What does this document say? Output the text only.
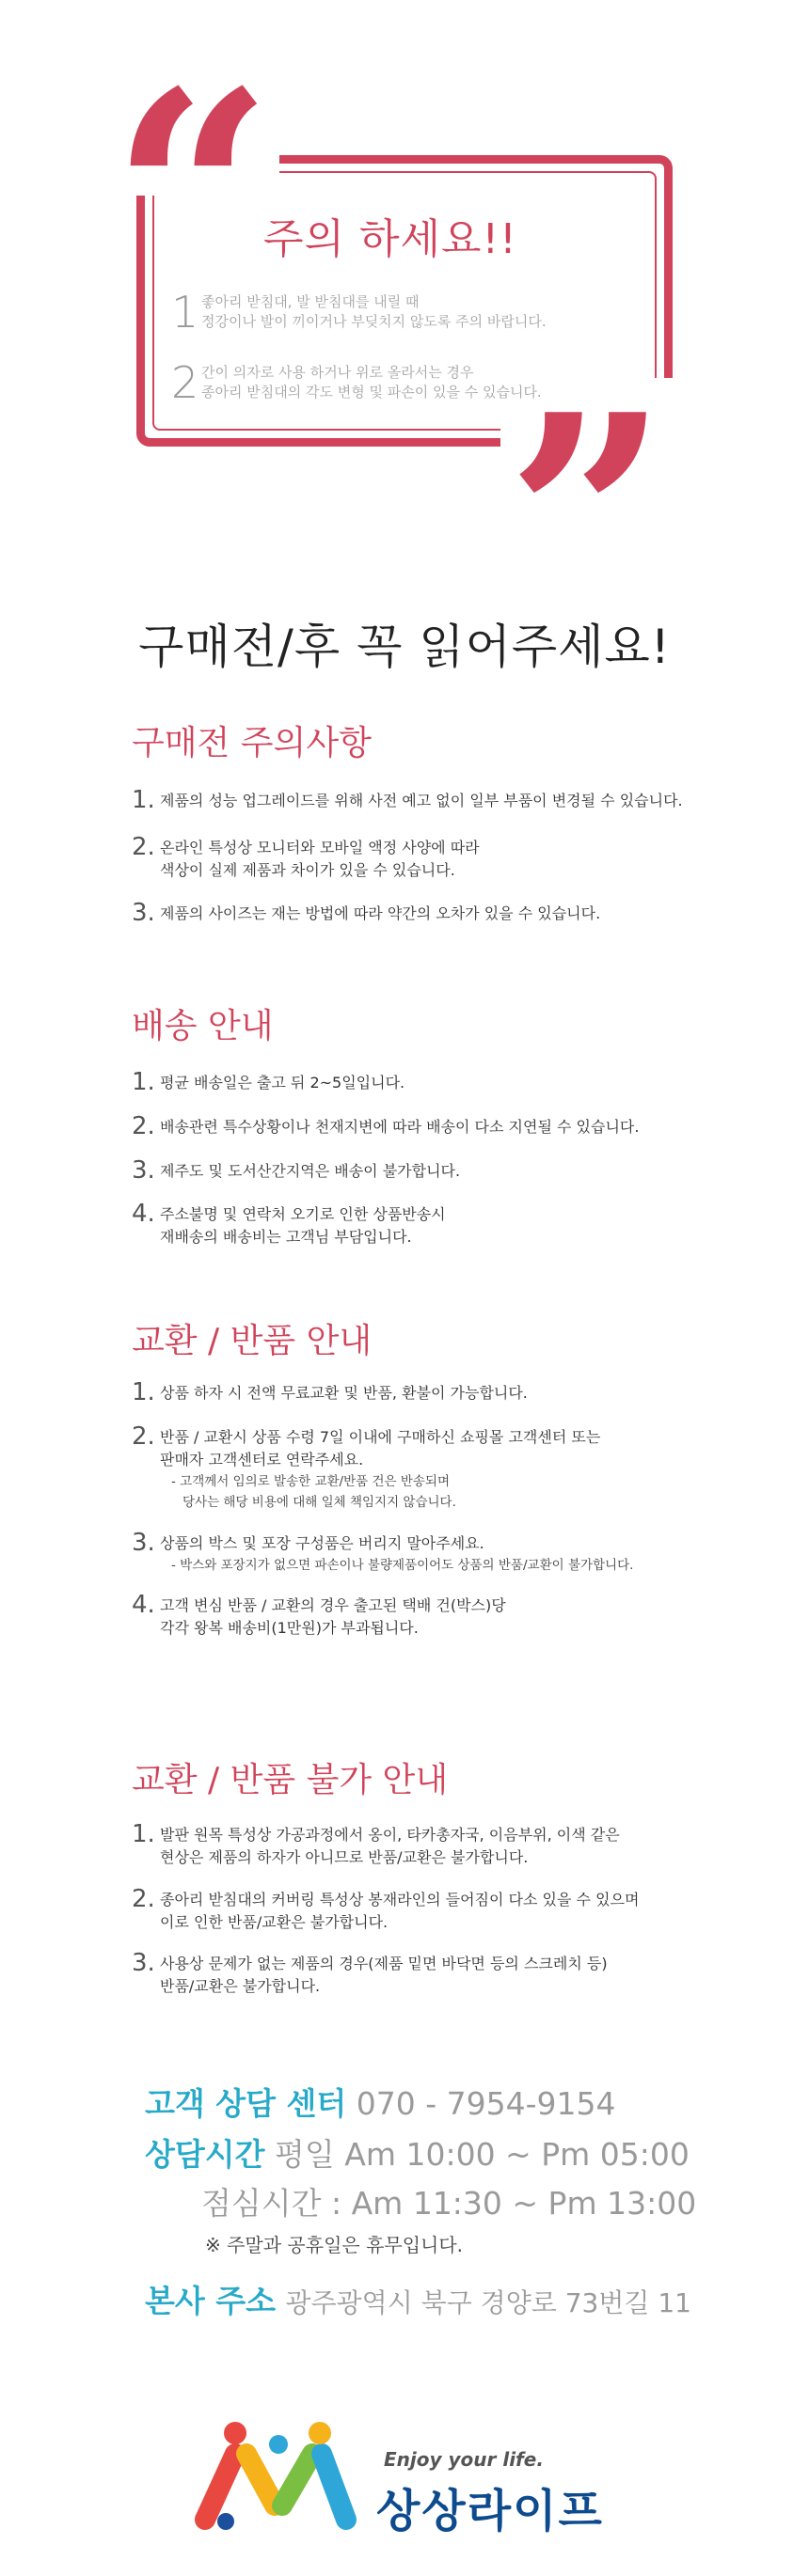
주의 하세요!!
1 좋아리 받침대, 발 받침대를 내릴 때
정강이나 발이 끼이거나 부딪치지 않도록 주의 바랍니다.
2 간이 의자로 사용 하거나 위로 올라서는 경우
종아리 받침대의 각도 변형 및 파손이 있을 수 있습니다.
구매전/후 꼭 읽어주세요!
구매전 주의사항
1. 제품의 성능 업그레이드를 위해 사전 예고 없이 일부 부품이 변경될 수 있습니다.
2. 온라인 특성상 모니터와 모바일 액정 사양에 따라
색상이 실제 제품과 차이가 있을 수 있습니다.
3. 제품의 사이즈는 재는 방법에 따라 약간의 오차가 있을 수 있습니다.
배송 안내
1. 평균 배송일은 출고 뒤 2~5일입니다.
2. 배송관련 특수상황이나 천재지변에 따라 배송이 다소 지연될 수 있습니다.
3. 제주도 및 도서산간지역은 배송이 불가합니다.
4. 주소불명 및 연락처 오기로 인한 상품반송시
재배송의 배송비는 고객님 부담입니다.
교환 / 반품 안내
1. 상품 하자 시 전액 무료교환 및 반품, 환불이 가능합니다.
2. 반품 / 교환시 상품 수령 7일 이내에 구매하신 쇼핑몰 고객센터 또는
판매자 고객센터로 연락주세요.
- 고객께서 임의로 발송한 교환/반품 건은 반송되며
당사는 해당 비용에 대해 일체 책임지지 않습니다.
3. 상품의 박스 및 포장 구성품은 버리지 말아주세요.
- 박스와 포장지가 없으면 파손이나 불량제품이어도 상품의 반품/교환이 불가합니다.
4. 고객 변심 반품 / 교환의 경우 출고된 택배 건(박스)당
각각 왕복 배송비(1만원)가 부과됩니다.
교환 / 반품 불가 안내
1. 발판 원목 특성상 가공과정에서 옹이, 타카총자국, 이음부위, 이색 같은
현상은 제품의 하자가 아니므로 반품/교환은 불가합니다.
2. 종아리 받침대의 커버링 특성상 봉재라인의 들어짐이 다소 있을 수 있으며
이로 인한 반품/교환은 불가합니다.
3. 사용상 문제가 없는 제품의 경우(제품 밑면 바닥면 등의 스크레치 등)
반품/교환은 불가합니다.
고객 상담 센터 070 - 7954-9154
상담시간 평일 Am 10:00 ~ Pm 05:00
점심시간 : Am 11:30 ~ Pm 13:00
※ 주말과 공휴일은 휴무입니다.
본사 주소 광주광역시 북구 경양로 73번길 11
Enjoy your life.
상상라이프
